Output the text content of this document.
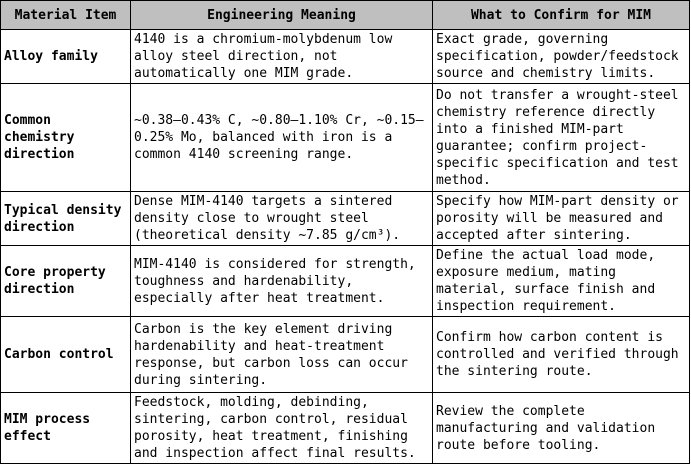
Material Item	Engineering Meaning	What to Confirm for MIM
Alloy family	4140 is a chromium-molybdenum low alloy steel direction, not automatically one MIM grade.	Exact grade, governing specification, powder/feedstock source and chemistry limits.
Common chemistry direction	~0.38–0.43% C, ~0.80–1.10% Cr, ~0.15–0.25% Mo, balanced with iron is a common 4140 screening range.	Do not transfer a wrought-steel chemistry reference directly into a finished MIM-part guarantee; confirm project-specific specification and test method.
Typical density direction	Dense MIM-4140 targets a sintered density close to wrought steel (theoretical density ~7.85 g/cm³).	Specify how MIM-part density or porosity will be measured and accepted after sintering.
Core property direction	MIM-4140 is considered for strength, toughness and hardenability, especially after heat treatment.	Define the actual load mode, exposure medium, mating material, surface finish and inspection requirement.
Carbon control	Carbon is the key element driving hardenability and heat-treatment response, but carbon loss can occur during sintering.	Confirm how carbon content is controlled and verified through the sintering route.
MIM process effect	Feedstock, molding, debinding, sintering, carbon control, residual porosity, heat treatment, finishing and inspection affect final results.	Review the complete manufacturing and validation route before tooling.
